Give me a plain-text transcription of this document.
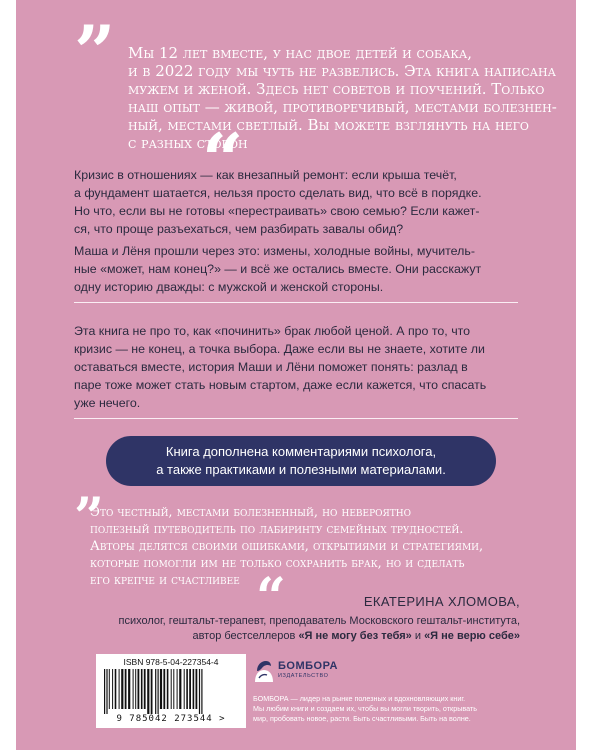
” Мы 12 лет вместе, у нас двое детей и собака,
и в 2022 году мы чуть не развелись. Эта книга написана
мужем и женой. Здесь нет советов и поучений. Только
наш опыт — живой, противоречивый, местами болезнен-
ный, местами светлый. Вы можете взглянуть на него
с разных сторон
“
Кризис в отношениях — как внезапный ремонт: если крыша течёт,
а фундамент шатается, нельзя просто сделать вид, что всё в порядке.
Но что, если вы не готовы «перестраивать» свою семью? Если кажет-
ся, что проще разъехаться, чем разбирать завалы обид?
Маша и Лёня прошли через это: измены, холодные войны, мучитель-
ные «может, нам конец?» — и всё же остались вместе. Они расскажут
одну историю дважды: с мужской и женской стороны.
Эта книга не про то, как «починить» брак любой ценой. А про то, что
кризис — не конец, а точка выбора. Даже если вы не знаете, хотите ли
оставаться вместе, история Маши и Лёни поможет понять: разлад в
паре тоже может стать новым стартом, даже если кажется, что спасать
уже нечего.
Книга дополнена комментариями психолога,
а также практиками и полезными материалами.
”
Это честный, местами болезненный, но невероятно
полезный путеводитель по лабиринту семейных трудностей.
Авторы делятся своими ошибками, открытиями и стратегиями,
которые помогли им не только сохранить брак, но и сделать
его крепче и счастливее “	ЕКАТЕРИНА ХЛОМОВА,
психолог, гештальт-терапевт, преподаватель Московского гештальт-института,
автор бестселлеров «Я не могу без тебя» и «Я не верю себе»
ISBN 978-5-04-227354-4
9 785042 273544 >
БОМБОРА
ИЗДАТЕЛЬСТВО
БОМБОРА — лидер на рынке полезных и вдохновляющих книг.
Мы любим книги и создаем их, чтобы вы могли творить, открывать
мир, пробовать новое, расти. Быть счастливыми. Быть на волне.
